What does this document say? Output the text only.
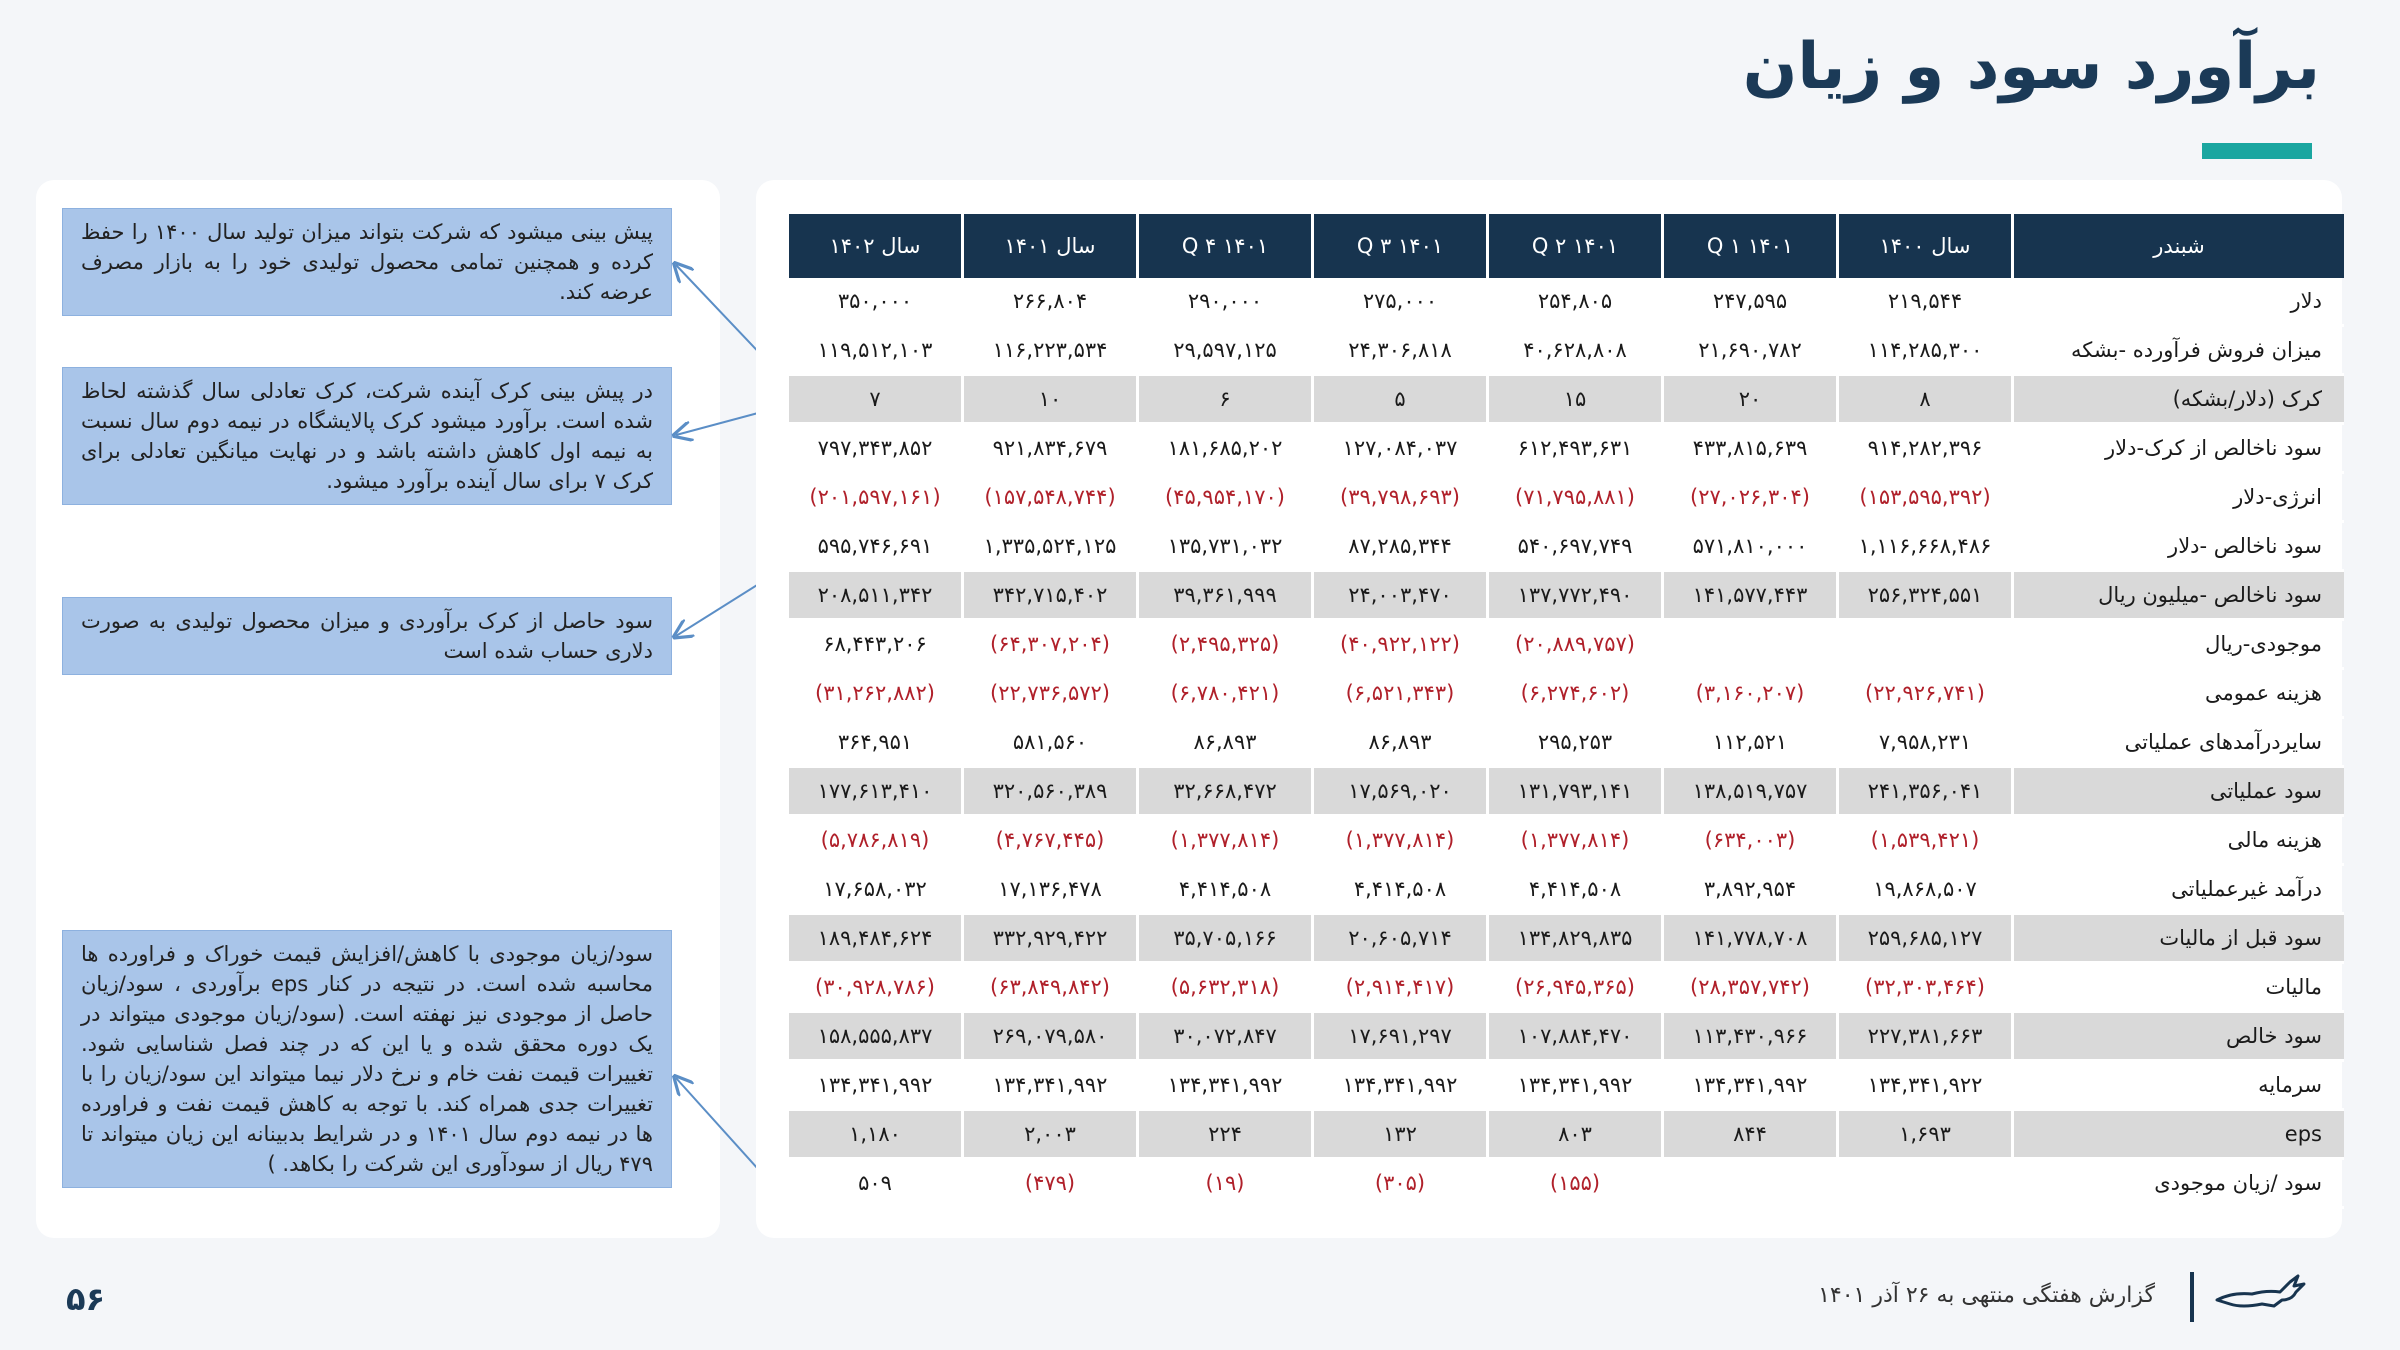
برآورد سود و زیان
پیش بینی میشود که شرکت بتواند میزان تولید سال ۱۴۰۰ را حفظ کرده و همچنین تمامی محصول تولیدی خود را به بازار مصرف عرضه کند.
در پیش بینی کرک آینده شرکت، کرک تعادلی سال گذشته لحاظ شده است. برآورد میشود کرک پالایشگاه در نیمه دوم سال نسبت به نیمه اول کاهش داشته باشد و در نهایت میانگین تعادلی برای کرک ۷ برای سال آینده برآورد میشود.
سود حاصل از کرک برآوردی و میزان محصول تولیدی به صورت دلاری حساب شده است
سود/زیان موجودی با کاهش/افزایش قیمت خوراک و فراورده ها محاسبه شده است. در نتیجه در کنار eps برآوردی ، سود/زیان حاصل از موجودی نیز نهفته است. (سود/زیان موجودی میتواند در یک دوره محقق شده و یا این که در چند فصل شناسایی شود. تغییرات قیمت نفت خام و نرخ دلار نیما میتواند این سود/زیان را با تغییرات جدی همراه کند. با توجه به کاهش قیمت نفت و فراورده ها در نیمه دوم سال ۱۴۰۱ و در شرایط بدبینانه این زیان میتواند تا ۴۷۹ ریال از سودآوری این شرکت را بکاهد. )
شبندر	سال ۱۴۰۰	۱۴۰۱ Q ۱	۱۴۰۱ Q ۲	۱۴۰۱ Q ۳	۱۴۰۱ Q ۴	سال ۱۴۰۱	سال ۱۴۰۲
دلار	۲۱۹,۵۴۴	۲۴۷,۵۹۵	۲۵۴,۸۰۵	۲۷۵,۰۰۰	۲۹۰,۰۰۰	۲۶۶,۸۰۴	۳۵۰,۰۰۰
میزان فروش فرآورده -بشکه	۱۱۴,۲۸۵,۳۰۰	۲۱,۶۹۰,۷۸۲	۴۰,۶۲۸,۸۰۸	۲۴,۳۰۶,۸۱۸	۲۹,۵۹۷,۱۲۵	۱۱۶,۲۲۳,۵۳۴	۱۱۹,۵۱۲,۱۰۳
کرک (دلار/بشکه)	۸	۲۰	۱۵	۵	۶	۱۰	۷
سود ناخالص از کرک-دلار	۹۱۴,۲۸۲,۳۹۶	۴۳۳,۸۱۵,۶۳۹	۶۱۲,۴۹۳,۶۳۱	۱۲۷,۰۸۴,۰۳۷	۱۸۱,۶۸۵,۲۰۲	۹۲۱,۸۳۴,۶۷۹	۷۹۷,۳۴۳,۸۵۲
انرژی-دلار	(۱۵۳,۵۹۵,۳۹۲)	(۲۷,۰۲۶,۳۰۴)	(۷۱,۷۹۵,۸۸۱)	(۳۹,۷۹۸,۶۹۳)	(۴۵,۹۵۴,۱۷۰)	(۱۵۷,۵۴۸,۷۴۴)	(۲۰۱,۵۹۷,۱۶۱)
سود ناخالص -دلار	۱,۱۱۶,۶۶۸,۴۸۶	۵۷۱,۸۱۰,۰۰۰	۵۴۰,۶۹۷,۷۴۹	۸۷,۲۸۵,۳۴۴	۱۳۵,۷۳۱,۰۳۲	۱,۳۳۵,۵۲۴,۱۲۵	۵۹۵,۷۴۶,۶۹۱
سود ناخالص -میلیون ریال	۲۵۶,۳۲۴,۵۵۱	۱۴۱,۵۷۷,۴۴۳	۱۳۷,۷۷۲,۴۹۰	۲۴,۰۰۳,۴۷۰	۳۹,۳۶۱,۹۹۹	۳۴۲,۷۱۵,۴۰۲	۲۰۸,۵۱۱,۳۴۲
موجودی-ریال			(۲۰,۸۸۹,۷۵۷)	(۴۰,۹۲۲,۱۲۲)	(۲,۴۹۵,۳۲۵)	(۶۴,۳۰۷,۲۰۴)	۶۸,۴۴۳,۲۰۶
هزینه عمومی	(۲۲,۹۲۶,۷۴۱)	(۳,۱۶۰,۲۰۷)	(۶,۲۷۴,۶۰۲)	(۶,۵۲۱,۳۴۳)	(۶,۷۸۰,۴۲۱)	(۲۲,۷۳۶,۵۷۲)	(۳۱,۲۶۲,۸۸۲)
سایردرآمدهای عملیاتی	۷,۹۵۸,۲۳۱	۱۱۲,۵۲۱	۲۹۵,۲۵۳	۸۶,۸۹۳	۸۶,۸۹۳	۵۸۱,۵۶۰	۳۶۴,۹۵۱
سود عملیاتی	۲۴۱,۳۵۶,۰۴۱	۱۳۸,۵۱۹,۷۵۷	۱۳۱,۷۹۳,۱۴۱	۱۷,۵۶۹,۰۲۰	۳۲,۶۶۸,۴۷۲	۳۲۰,۵۶۰,۳۸۹	۱۷۷,۶۱۳,۴۱۰
هزینه مالی	(۱,۵۳۹,۴۲۱)	(۶۳۴,۰۰۳)	(۱,۳۷۷,۸۱۴)	(۱,۳۷۷,۸۱۴)	(۱,۳۷۷,۸۱۴)	(۴,۷۶۷,۴۴۵)	(۵,۷۸۶,۸۱۹)
درآمد غیرعملیاتی	۱۹,۸۶۸,۵۰۷	۳,۸۹۲,۹۵۴	۴,۴۱۴,۵۰۸	۴,۴۱۴,۵۰۸	۴,۴۱۴,۵۰۸	۱۷,۱۳۶,۴۷۸	۱۷,۶۵۸,۰۳۲
سود قبل از مالیات	۲۵۹,۶۸۵,۱۲۷	۱۴۱,۷۷۸,۷۰۸	۱۳۴,۸۲۹,۸۳۵	۲۰,۶۰۵,۷۱۴	۳۵,۷۰۵,۱۶۶	۳۳۲,۹۲۹,۴۲۲	۱۸۹,۴۸۴,۶۲۴
مالیات	(۳۲,۳۰۳,۴۶۴)	(۲۸,۳۵۷,۷۴۲)	(۲۶,۹۴۵,۳۶۵)	(۲,۹۱۴,۴۱۷)	(۵,۶۳۲,۳۱۸)	(۶۳,۸۴۹,۸۴۲)	(۳۰,۹۲۸,۷۸۶)
سود خالص	۲۲۷,۳۸۱,۶۶۳	۱۱۳,۴۳۰,۹۶۶	۱۰۷,۸۸۴,۴۷۰	۱۷,۶۹۱,۲۹۷	۳۰,۰۷۲,۸۴۷	۲۶۹,۰۷۹,۵۸۰	۱۵۸,۵۵۵,۸۳۷
سرمایه	۱۳۴,۳۴۱,۹۲۲	۱۳۴,۳۴۱,۹۹۲	۱۳۴,۳۴۱,۹۹۲	۱۳۴,۳۴۱,۹۹۲	۱۳۴,۳۴۱,۹۹۲	۱۳۴,۳۴۱,۹۹۲	۱۳۴,۳۴۱,۹۹۲
eps	۱,۶۹۳	۸۴۴	۸۰۳	۱۳۲	۲۲۴	۲,۰۰۳	۱,۱۸۰
سود /زیان موجودی			(۱۵۵)	(۳۰۵)	(۱۹)	(۴۷۹)	۵۰۹
۵۶	گزارش هفتگی منتهی به ۲۶ آذر ۱۴۰۱
